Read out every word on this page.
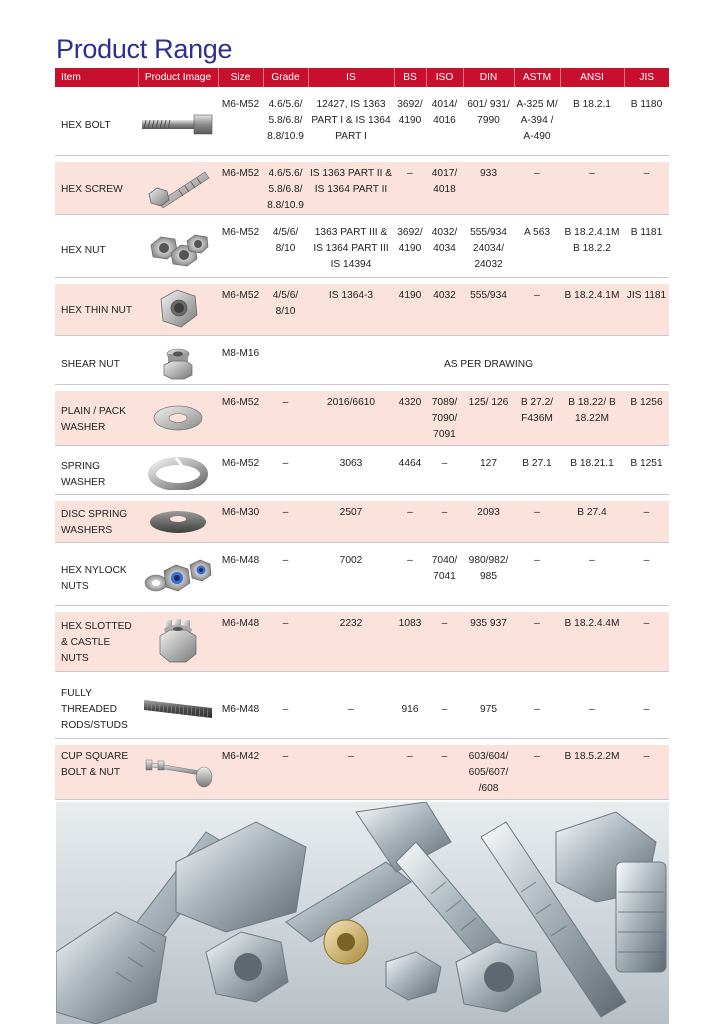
Product Range
Item	Product Image	Size	Grade	IS	BS	ISO	DIN	ASTM	ANSI	JIS

HEX BOLT		M6-M52	4.6/5.6/ 5.8/6.8/ 8.8/10.9	12427, IS 1363 PART I & IS 1364 PART I	3692/ 4190	4014/ 4016	601/ 931/ 7990	A-325 M/ A-394 / A-490	B 18.2.1	B 1180

HEX SCREW		M6-M52	4.6/5.6/ 5.8/6.8/ 8.8/10.9	IS 1363 PART II & IS 1364 PART II	–	4017/ 4018	933	–	–	–

HEX NUT		M6-M52	4/5/6/ 8/10	1363 PART III & IS 1364 PART III IS 14394	3692/ 4190	4032/ 4034	555/934 24034/ 24032	A 563	B 18.2.4.1M B 18.2.2	B 1181

HEX THIN NUT		M6-M52	4/5/6/ 8/10	IS 1364-3	4190	4032	555/934	–	B 18.2.4.1M	JIS 1181

SHEAR NUT		M8-M16		AS PER DRAWING						

PLAIN / PACK WASHER		M6-M52	–	2016/6610	4320	7089/ 7090/ 7091	125/ 126	B 27.2/ F436M	B 18.22/ B 18.22M	B 1256

SPRING WASHER		M6-M52	–	3063	4464	–	127	B 27.1	B 18.21.1	B 1251

DISC SPRING WASHERS		M6-M30	–	2507	–	–	2093	–	B 27.4	–

HEX NYLOCK NUTS		M6-M48	–	7002	–	7040/ 7041	980/982/ 985	–	–	–

HEX SLOTTED & CASTLE NUTS		M6-M48	–	2232	1083	–	935 937	–	B 18.2.4.4M	–

FULLY THREADED RODS/STUDS		M6-M48	–	–	916	–	975	–	–	–

CUP SQUARE BOLT & NUT		M6-M42	–	–	–	–	603/604/ 605/607/ /608	–	B 18.5.2.2M	–
